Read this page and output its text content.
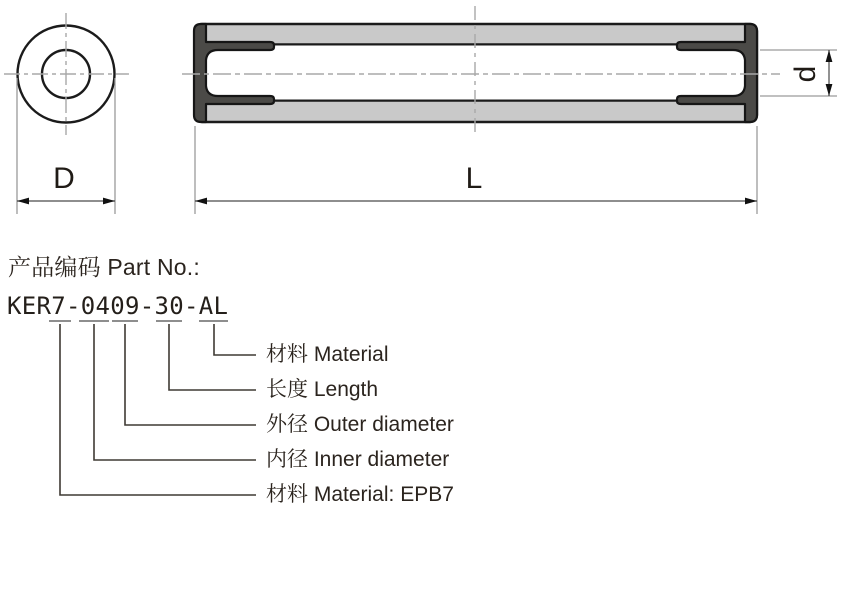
D	L
d
产品编码 Part No.:
KER7-0409-30-AL
材料 Material
长度 Length
外径 Outer diameter
内径 Inner diameter
材料 Material: EPB7
